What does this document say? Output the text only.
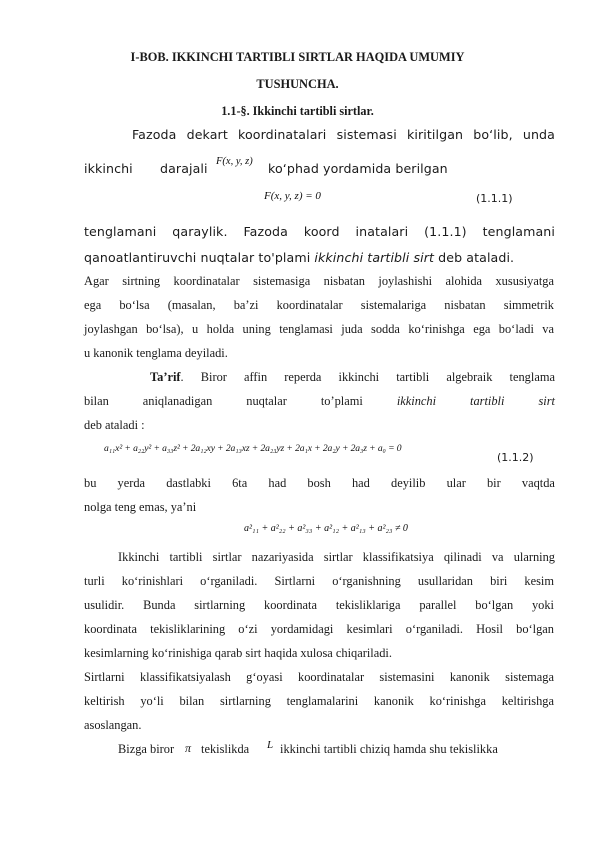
I-BOB. IKKINCHI TARTIBLI SIRTLAR HAQIDA UMUMIY
TUSHUNCHA.
1.1-§. Ikkinchi tartibli sirtlar.
Fazoda dekart koordinatalari sistemasi kiritilgan bo‘lib, unda
ikkinchi darajali F(x, y, z) ko‘phad yordamida berilgan
F(x, y, z) = 0	(1.1.1)
tenglamani qaraylik. Fazoda koord inatalari (1.1.1) tenglamani
qanoatlantiruvchi nuqtalar to'plami ikkinchi tartibli sirt deb ataladi.
Agar sirtning koordinatalar sistemasiga nisbatan joylashishi alohida xususiyatga
ega bo‘lsa (masalan, ba’zi koordinatalar sistemalariga nisbatan simmetrik
joylashgan bo‘lsa), u holda uning tenglamasi juda sodda ko‘rinishga ega bo‘ladi va
u kanonik tenglama deyiladi.
Ta’rif. Biror affin reperda ikkinchi tartibli algebraik tenglama
bilan	aniqlanadigan	nuqtalar	to’plami	ikkinchi	tartibli	sirt
deb ataladi :
a₁₁x² + a₂₂y² + a₃₃z² + 2a₁₂xy + 2a₁₃xz + 2a₂₃yz + 2a₁x + 2a₂y + 2a₃z + a₀ = 0
(1.1.2)
bu yerda dastlabki 6ta had bosh had deyilib ular bir vaqtda
nolga teng emas, ya’ni
a²₁₁ + a²₂₂ + a²₃₃ + a²₁₂ + a²₁₃ + a²₂₃ ≠ 0
Ikkinchi tartibli sirtlar nazariyasida sirtlar klassifikatsiya qilinadi va ularning
turli ko‘rinishlari o‘rganiladi. Sirtlarni o‘rganishning usullaridan biri kesim
usulidir. Bunda sirtlarning koordinata tekisliklariga parallel bo‘lgan yoki
koordinata tekisliklarining o‘zi yordamidagi kesimlari o‘rganiladi. Hosil bo‘lgan
kesimlarning ko‘rinishiga qarab sirt haqida xulosa chiqariladi.
Sirtlarni klassifikatsiyalash g‘oyasi koordinatalar sistemasini kanonik sistemaga
keltirish yo‘li bilan sirtlarning tenglamalarini kanonik ko‘rinishga keltirishga
asoslangan.
Bizga biror π tekislikda L ikkinchi tartibli chiziq hamda shu tekislikka
